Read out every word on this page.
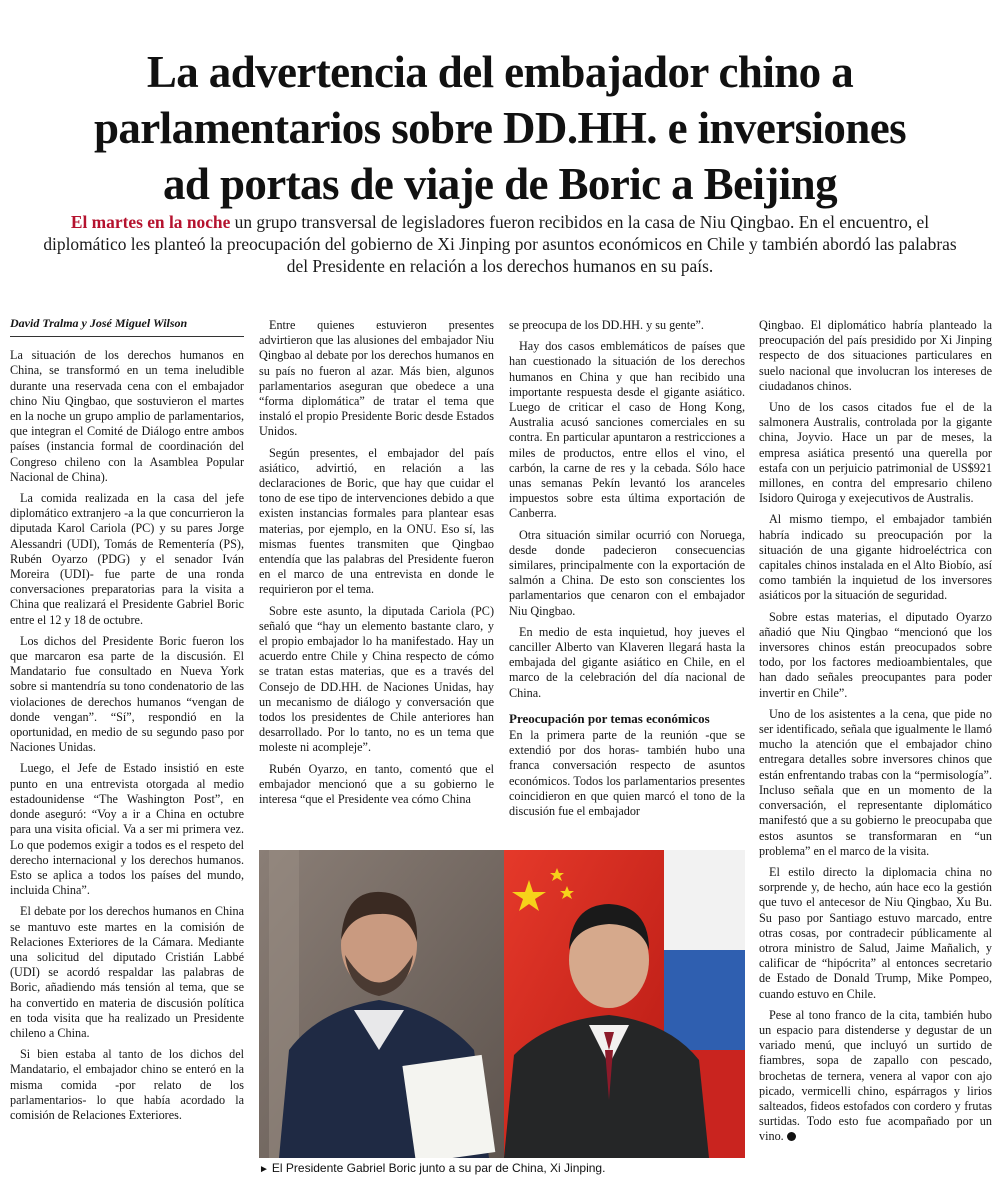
La advertencia del embajador chino a
parlamentarios sobre DD.HH. e inversiones
ad portas de viaje de Boric a Beijing
El martes en la noche un grupo transversal de legisladores fueron recibidos en la casa de Niu Qingbao. En el encuentro, el diplomático les planteó la preocupación del gobierno de Xi Jinping por asuntos económicos en Chile y también abordó las palabras del Presidente en relación a los derechos humanos en su país.
David Tralma y José Miguel Wilson

La situación de los derechos humanos en China, se transformó en un tema ineludible durante una reservada cena con el embajador chino Niu Qingbao, que sostuvieron el martes en la noche un grupo amplio de parlamentarios, que integran el Comité de Diálogo entre ambos países (instancia formal de coordinación del Congreso chileno con la Asamblea Popular Nacional de China).

La comida realizada en la casa del jefe diplomático extranjero -a la que concurrieron la diputada Karol Cariola (PC) y su pares Jorge Alessandri (UDI), Tomás de Rementería (PS), Rubén Oyarzo (PDG) y el senador Iván Moreira (UDI)- fue parte de una ronda conversaciones preparatorias para la visita a China que realizará el Presidente Gabriel Boric entre el 12 y 18 de octubre.

Los dichos del Presidente Boric fueron los que marcaron esa parte de la discusión. El Mandatario fue consultado en Nueva York sobre si mantendría su tono condenatorio de las violaciones de derechos humanos “vengan de donde vengan”. “Sí”, respondió en la oportunidad, en medio de su segundo paso por Naciones Unidas.

Luego, el Jefe de Estado insistió en este punto en una entrevista otorgada al medio estadounidense “The Washington Post”, en donde aseguró: “Voy a ir a China en octubre para una visita oficial. Va a ser mi primera vez. Lo que podemos exigir a todos es el respeto del derecho internacional y los derechos humanos. Esto se aplica a todos los países del mundo, incluida China”.

El debate por los derechos humanos en China se mantuvo este martes en la comisión de Relaciones Exteriores de la Cámara. Mediante una solicitud del diputado Cristián Labbé (UDI) se acordó respaldar las palabras de Boric, añadiendo más tensión al tema, que se ha convertido en materia de discusión política en toda visita que ha realizado un Presidente chileno a China.

Si bien estaba al tanto de los dichos del Mandatario, el embajador chino se enteró en la misma comida -por relato de los parlamentarios- lo que había acordado la comisión de Relaciones Exteriores.

Entre quienes estuvieron presentes advirtieron que las alusiones del embajador Niu Qingbao al debate por los derechos humanos en su país no fueron al azar. Más bien, algunos parlamentarios aseguran que obedece a una “forma diplomática” de tratar el tema que instaló el propio Presidente Boric desde Estados Unidos.

Según presentes, el embajador del país asiático, advirtió, en relación a las declaraciones de Boric, que hay que cuidar el tono de ese tipo de intervenciones debido a que existen instancias formales para plantear esas materias, por ejemplo, en la ONU. Eso sí, las mismas fuentes transmiten que Qingbao entendía que las palabras del Presidente fueron en el marco de una entrevista en donde le requirieron por el tema.

Sobre este asunto, la diputada Cariola (PC) señaló que “hay un elemento bastante claro, y el propio embajador lo ha manifestado. Hay un acuerdo entre Chile y China respecto de cómo se tratan estas materias, que es a través del Consejo de DD.HH. de Naciones Unidas, hay un mecanismo de diálogo y conversación que todos los presidentes de Chile anteriores han desarrollado. Por lo tanto, no es un tema que moleste ni acompleje”.

Rubén Oyarzo, en tanto, comentó que el embajador mencionó que a su gobierno le interesa “que el Presidente vea cómo China

se preocupa de los DD.HH. y su gente”.

Hay dos casos emblemáticos de países que han cuestionado la situación de los derechos humanos en China y que han recibido una importante respuesta desde el gigante asiático. Luego de criticar el caso de Hong Kong, Australia acusó sanciones comerciales en su contra. En particular apuntaron a restricciones a miles de productos, entre ellos el vino, el carbón, la carne de res y la cebada. Sólo hace unas semanas Pekín levantó los aranceles impuestos sobre esta última exportación de Canberra.

Otra situación similar ocurrió con Noruega, desde donde padecieron consecuencias similares, principalmente con la exportación de salmón a China. De esto son conscientes los parlamentarios que cenaron con el embajador Niu Qingbao.

En medio de esta inquietud, hoy jueves el canciller Alberto van Klaveren llegará hasta la embajada del gigante asiático en Chile, en el marco de la celebración del día nacional de China.

Preocupación por temas económicos

En la primera parte de la reunión -que se extendió por dos horas- también hubo una franca conversación respecto de asuntos económicos. Todos los parlamentarios presentes coincidieron en que quien marcó el tono de la discusión fue el embajador

Qingbao. El diplomático habría planteado la preocupación del país presidido por Xi Jinping respecto de dos situaciones particulares en suelo nacional que involucran los intereses de ciudadanos chinos.

Uno de los casos citados fue el de la salmonera Australis, controlada por la gigante china, Joyvio. Hace un par de meses, la empresa asiática presentó una querella por estafa con un perjuicio patrimonial de US$921 millones, en contra del empresario chileno Isidoro Quiroga y exejecutivos de Australis.

Al mismo tiempo, el embajador también habría indicado su preocupación por la situación de una gigante hidroeléctrica con capitales chinos instalada en el Alto Biobío, así como también la inquietud de los inversores asiáticos por la situación de seguridad.

Sobre estas materias, el diputado Oyarzo añadió que Niu Qingbao “mencionó que los inversores chinos están preocupados sobre todo, por los factores medioambientales, que han dado señales preocupantes para poder invertir en Chile”.

Uno de los asistentes a la cena, que pide no ser identificado, señala que igualmente le llamó mucho la atención que el embajador chino entregara detalles sobre inversores chinos que están enfrentando trabas con la “permisología”. Incluso señala que en un momento de la conversación, el representante diplomático manifestó que a su gobierno le preocupaba que estos asuntos se transformaran en “un problema” en el marco de la visita.

El estilo directo la diplomacia china no sorprende y, de hecho, aún hace eco la gestión que tuvo el antecesor de Niu Qingbao, Xu Bu. Su paso por Santiago estuvo marcado, entre otras cosas, por contradecir públicamente al otrora ministro de Salud, Jaime Mañalich, y calificar de “hipócrita” al entonces secretario de Estado de Donald Trump, Mike Pompeo, cuando estuvo en Chile.

Pese al tono franco de la cita, también hubo un espacio para distenderse y degustar de un variado menú, que incluyó un surtido de fiambres, sopa de zapallo con pescado, brochetas de ternera, venera al vapor con ajo picado, vermicelli chino, espárragos y lirios salteados, fideos estofados con cordero y frutas surtidas. Todo esto fue acompañado por un vino.

► El Presidente Gabriel Boric junto a su par de China, Xi Jinping.
